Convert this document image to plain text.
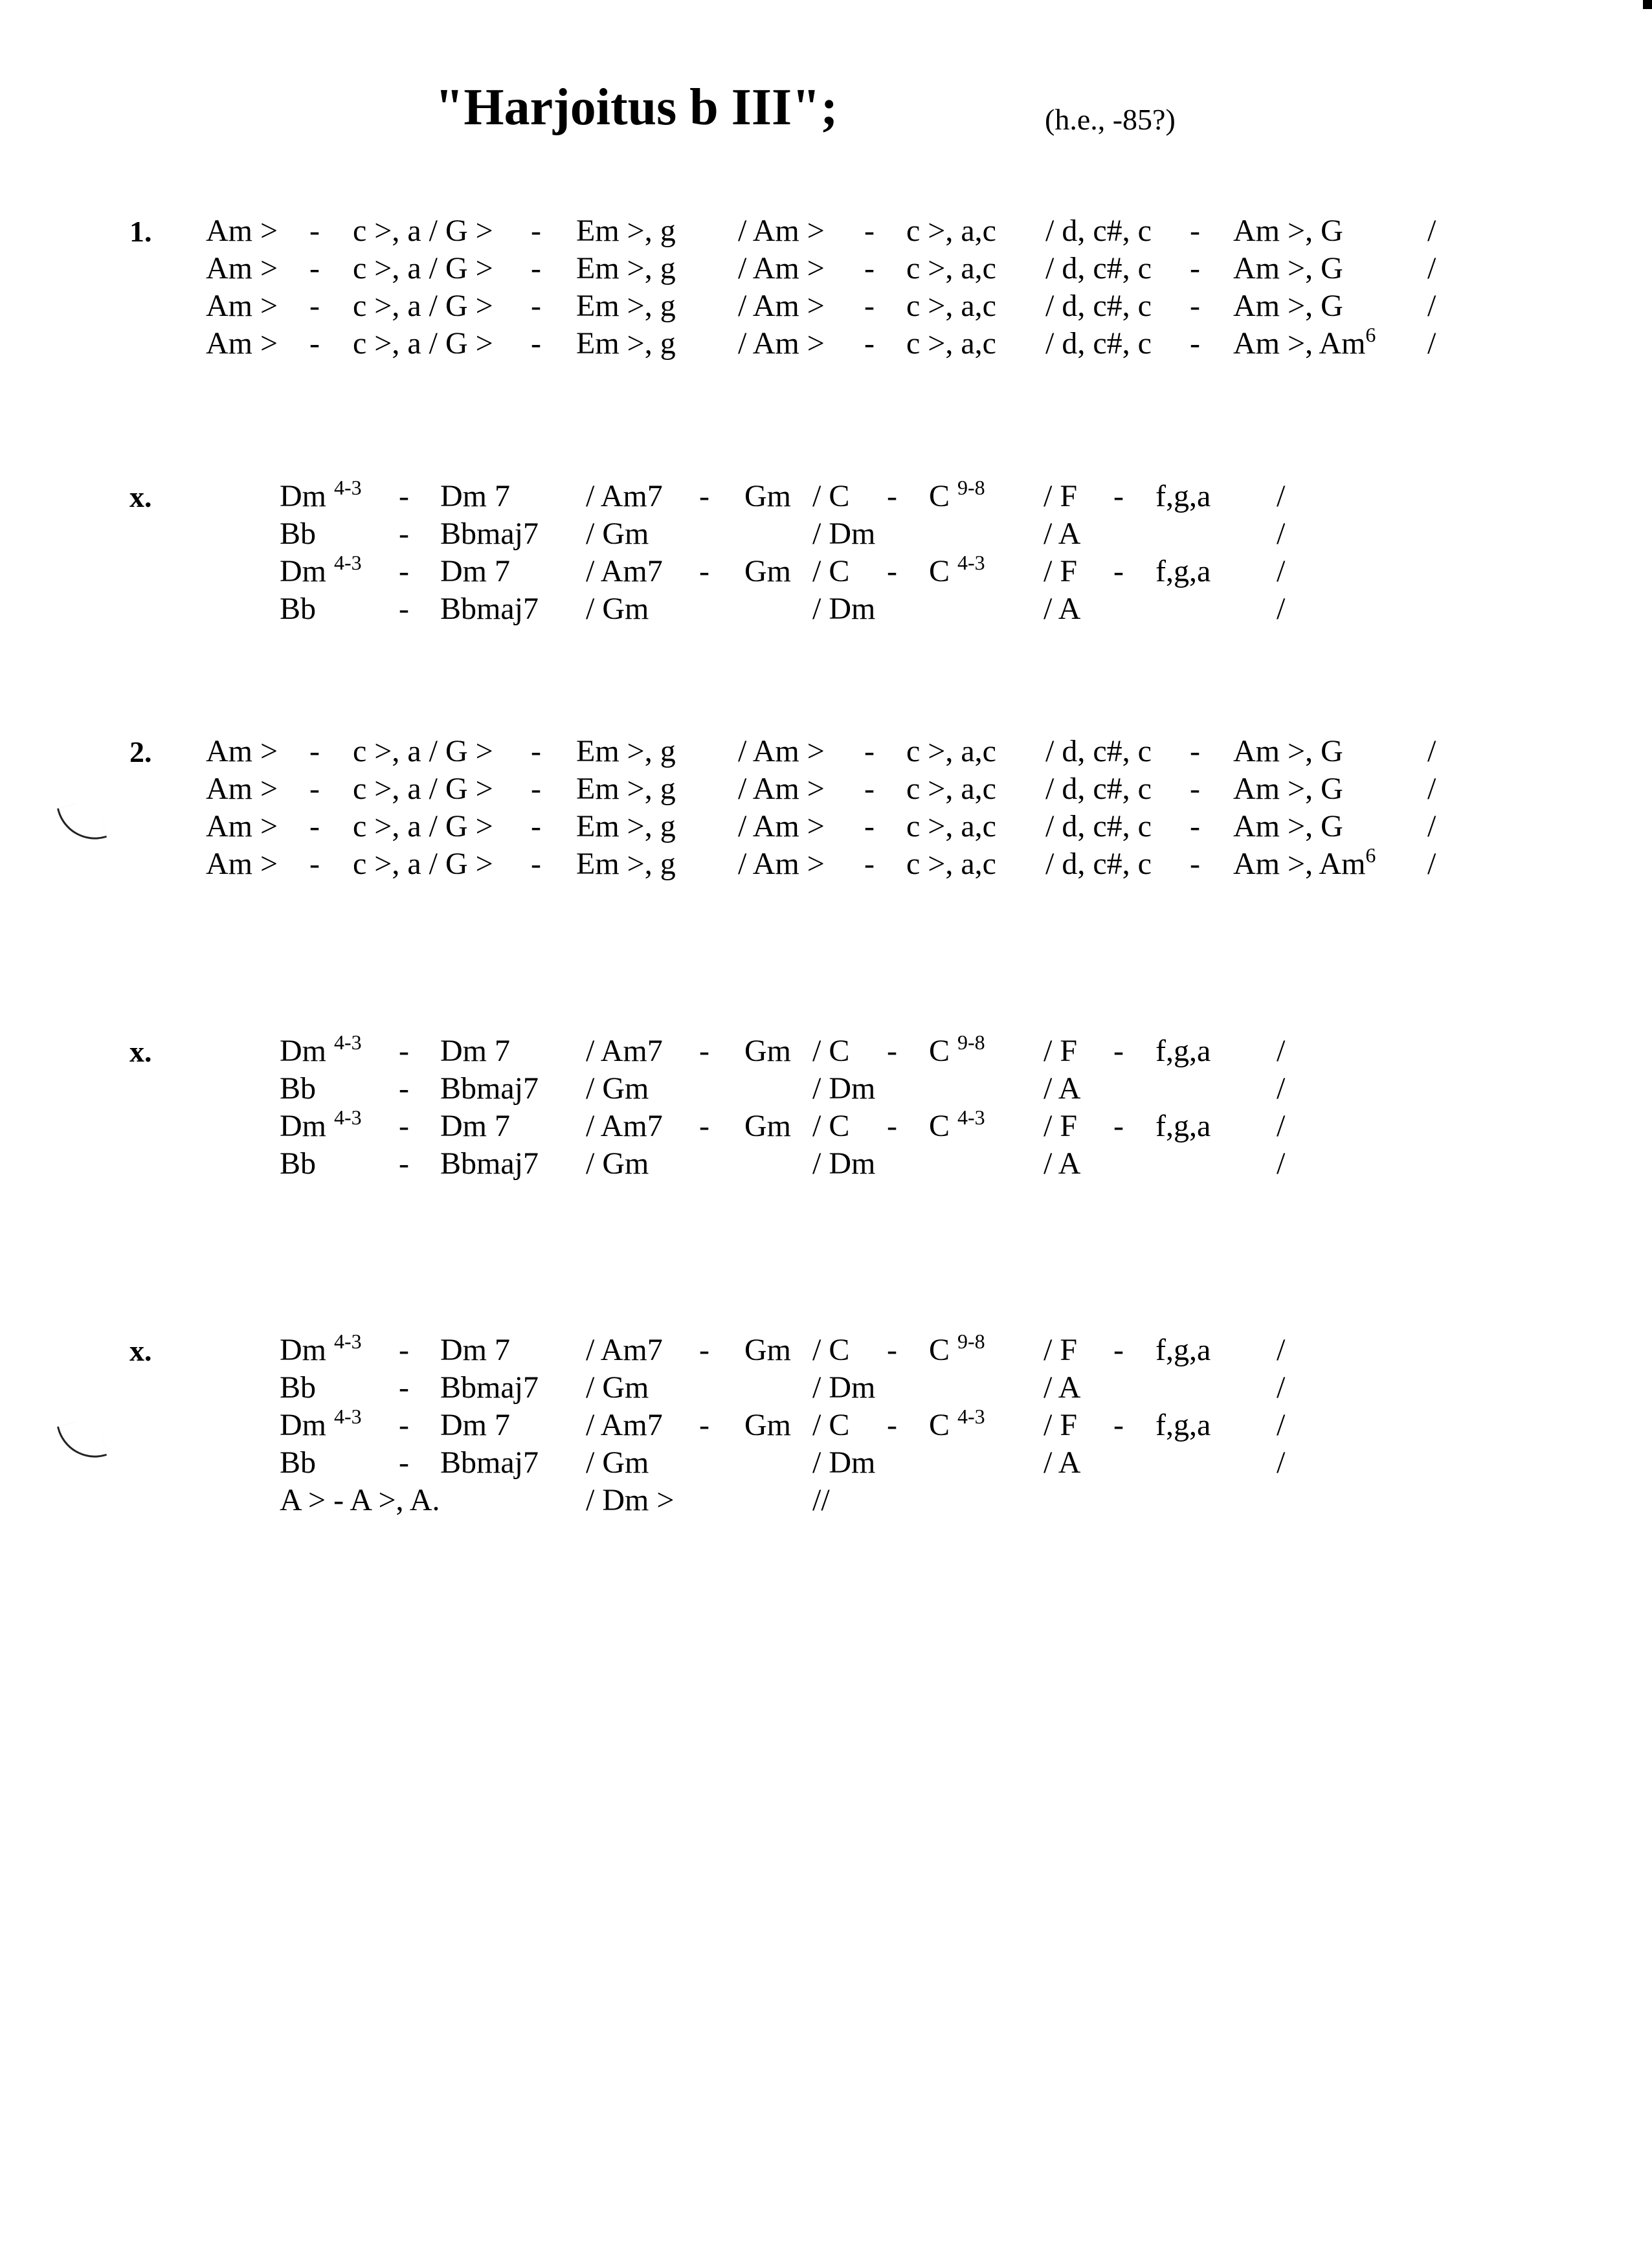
"Harjoitus b III";	(h.e., -85?)
1. Am > - c >, a / G > - Em >, g / Am > - c >, a,c / d, c#, c - Am >, G	/
Am > - c >, a / G > - Em >, g / Am > - c >, a,c / d, c#, c - Am >, G	/
Am > - c >, a / G > - Em >, g / Am > - c >, a,c / d, c#, c - Am >, G	/
Am > - c >, a / G > - Em >, g / Am > - c >, a,c / d, c#, c - Am >, Am$^6$ /
x.	Dm $^{4-3}$ - Dm 7 / Am7 - Gm / C - C $^{9-8}$ / F - f,g,a /
Bb	- Bbmaj7 / Gm	/ Dm	/ A	/
Dm $^{4-3}$ - Dm 7 / Am7 - Gm / C - C $^{4-3}$ / F - f,g,a /
Bb	- Bbmaj7 / Gm	/ Dm	/ A	/
2. Am > - c >, a / G > - Em >, g / Am > - c >, a,c / d, c#, c - Am >, G	/
Am > - c >, a / G > - Em >, g / Am > - c >, a,c / d, c#, c - Am >, G	/
Am > - c >, a / G > - Em >, g / Am > - c >, a,c / d, c#, c - Am >, G	/
Am > - c >, a / G > - Em >, g / Am > - c >, a,c / d, c#, c - Am >, Am$^6$ /
x.	Dm $^{4-3}$ - Dm 7 / Am7 - Gm / C - C $^{9-8}$ / F - f,g,a /
Bb	- Bbmaj7 / Gm	/ Dm	/ A	/
Dm $^{4-3}$ - Dm 7 / Am7 - Gm / C - C $^{4-3}$ / F - f,g,a /
Bb	- Bbmaj7 / Gm	/ Dm	/ A	/
x.	Dm $^{4-3}$ - Dm 7 / Am7 - Gm / C - C $^{9-8}$ / F - f,g,a /
Bb	- Bbmaj7 / Gm	/ Dm	/ A	/
Dm $^{4-3}$ - Dm 7 / Am7 - Gm / C - C $^{4-3}$ / F - f,g,a /
Bb	- Bbmaj7 / Gm	/ Dm	/ A	/
A > - A >, A.	/ Dm >	//
